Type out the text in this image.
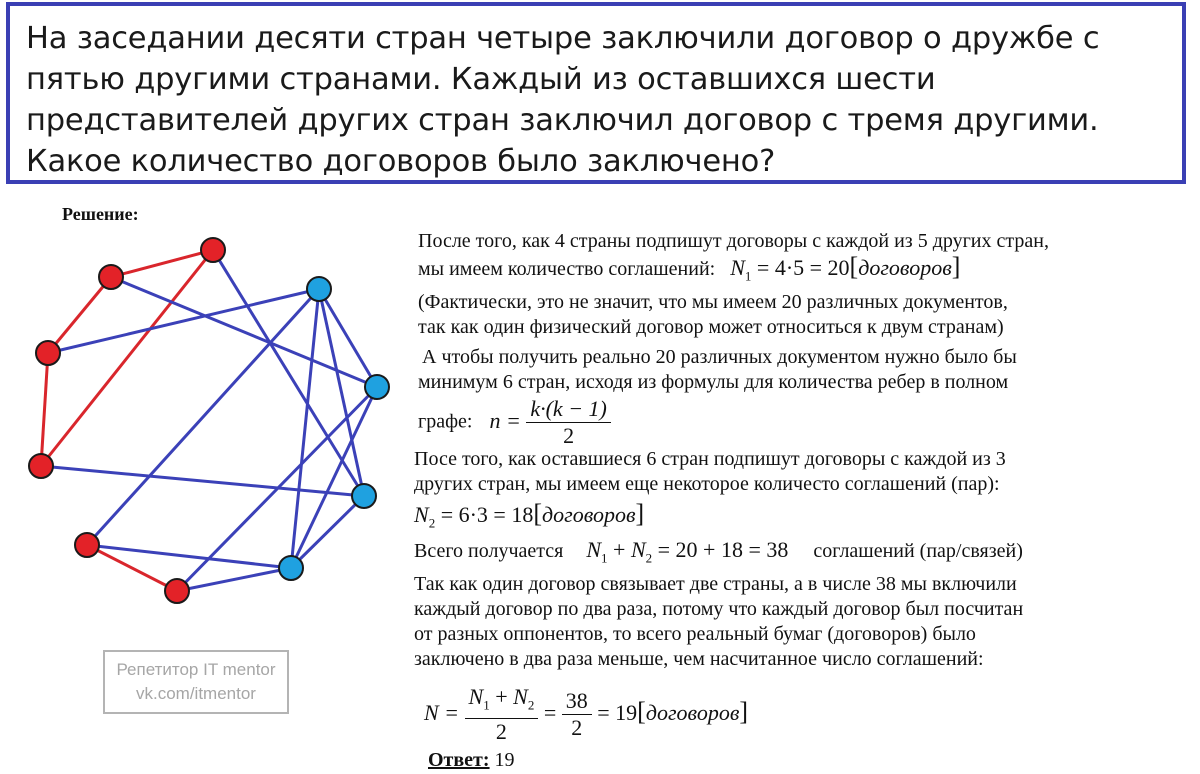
На заседании десяти стран четыре заключили договор о дружбе с пятью другими странами. Каждый из оставшихся шести представителей других стран заключил договор с тремя другими. Какое количество договоров было заключено?
Решение:
Репетитор IT mentor
vk.com/itmentor
После того, как 4 страны подпишут договоры с каждой из 5 других стран,
мы имеем количество соглашений: $N_1 = 4\cdot 5$ = 20[договоров]
(Фактически, это не значит, что мы имеем 20 различных документов,
так как один физический договор может относиться к двум странам)
А чтобы получить реально 20 различных документом нужно было бы
минимум 6 стран, исходя из формулы для количества ребер в полном
графе: $n = \frac{k\cdot(k - 1)}{2}$
Посе того, как оставшиеся 6 стран подпишут договоры с каждой из 3
других стран, мы имеем еще некоторое количесто соглашений (пар):
$N_2 = 6\cdot 3$ = 18[договоров]
Всего получается $N_1 + N_2 = 20 + 18 = 38$ соглашений (пар/связей)
Так как один договор связывает две страны, а в числе 38 мы включили
каждый договор по два раза, потому что каждый договор был посчитан
от разных оппонентов, то всего реальный бумаг (договоров) было
заключено в два раза меньше, чем насчитанное число соглашений:
$N = \frac{N_1 + N_2}{2} = \frac{38}{2}$ = 19[договоров]
Ответ: 19
